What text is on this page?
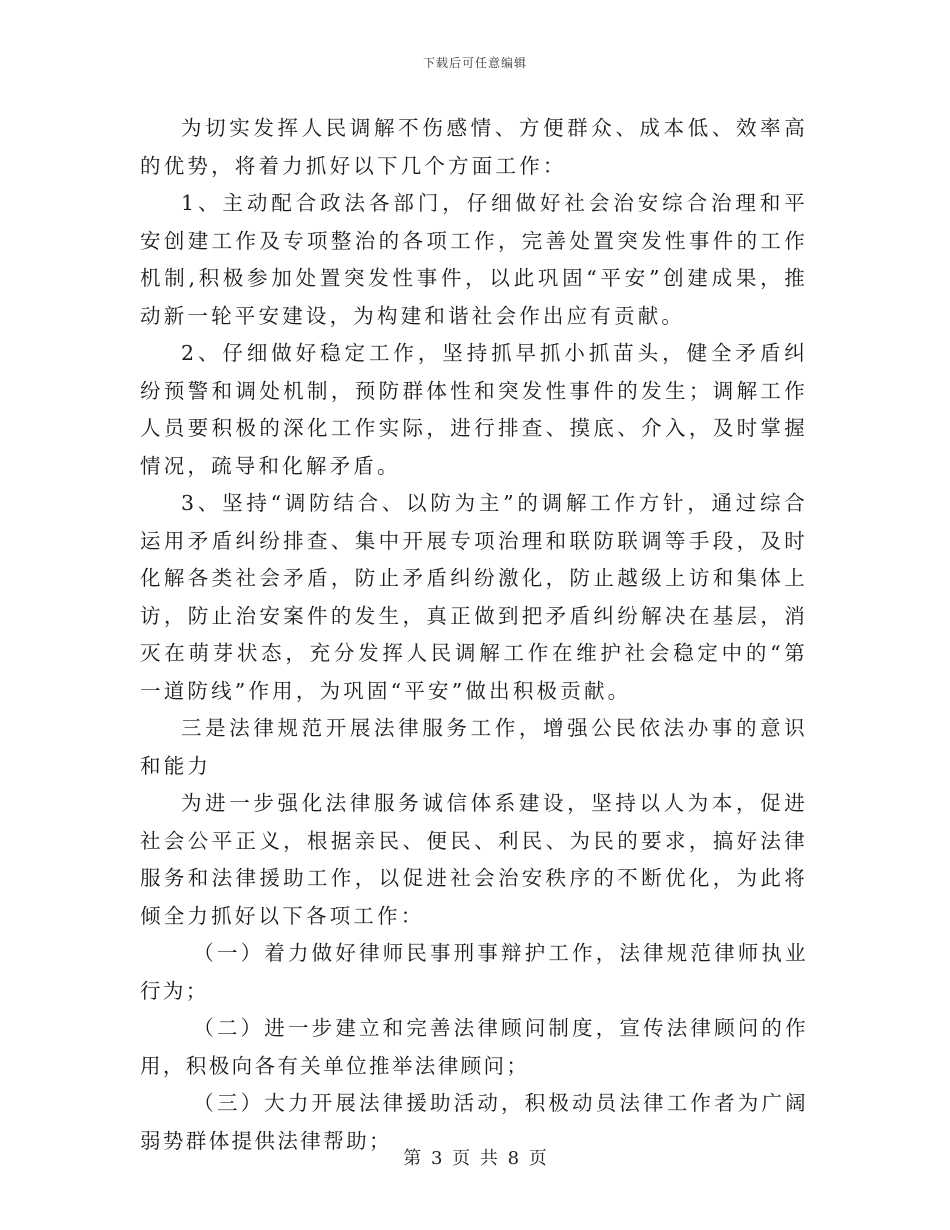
下载后可任意编辑

为切实发挥人民调解不伤感情、方便群众、成本低、效率高的优势，将着力抓好以下几个方面工作：

1、主动配合政法各部门，仔细做好社会治安综合治理和平安创建工作及专项整治的各项工作，完善处置突发性事件的工作机制,积极参加处置突发性事件，以此巩固“平安”创建成果，推动新一轮平安建设，为构建和谐社会作出应有贡献。

2、仔细做好稳定工作，坚持抓早抓小抓苗头，健全矛盾纠纷预警和调处机制，预防群体性和突发性事件的发生；调解工作人员要积极的深化工作实际，进行排查、摸底、介入，及时掌握情况，疏导和化解矛盾。

3、坚持“调防结合、以防为主”的调解工作方针，通过综合运用矛盾纠纷排查、集中开展专项治理和联防联调等手段，及时化解各类社会矛盾，防止矛盾纠纷激化，防止越级上访和集体上访，防止治安案件的发生，真正做到把矛盾纠纷解决在基层，消灭在萌芽状态，充分发挥人民调解工作在维护社会稳定中的“第一道防线”作用，为巩固“平安”做出积极贡献。

三是法律规范开展法律服务工作，增强公民依法办事的意识和能力

为进一步强化法律服务诚信体系建设，坚持以人为本，促进社会公平正义，根据亲民、便民、利民、为民的要求，搞好法律服务和法律援助工作，以促进社会治安秩序的不断优化，为此将倾全力抓好以下各项工作：

（一）着力做好律师民事刑事辩护工作，法律规范律师执业行为；

（二）进一步建立和完善法律顾问制度，宣传法律顾问的作用，积极向各有关单位推举法律顾问；

（三）大力开展法律援助活动，积极动员法律工作者为广阔弱势群体提供法律帮助；

第 3 页 共 8 页
